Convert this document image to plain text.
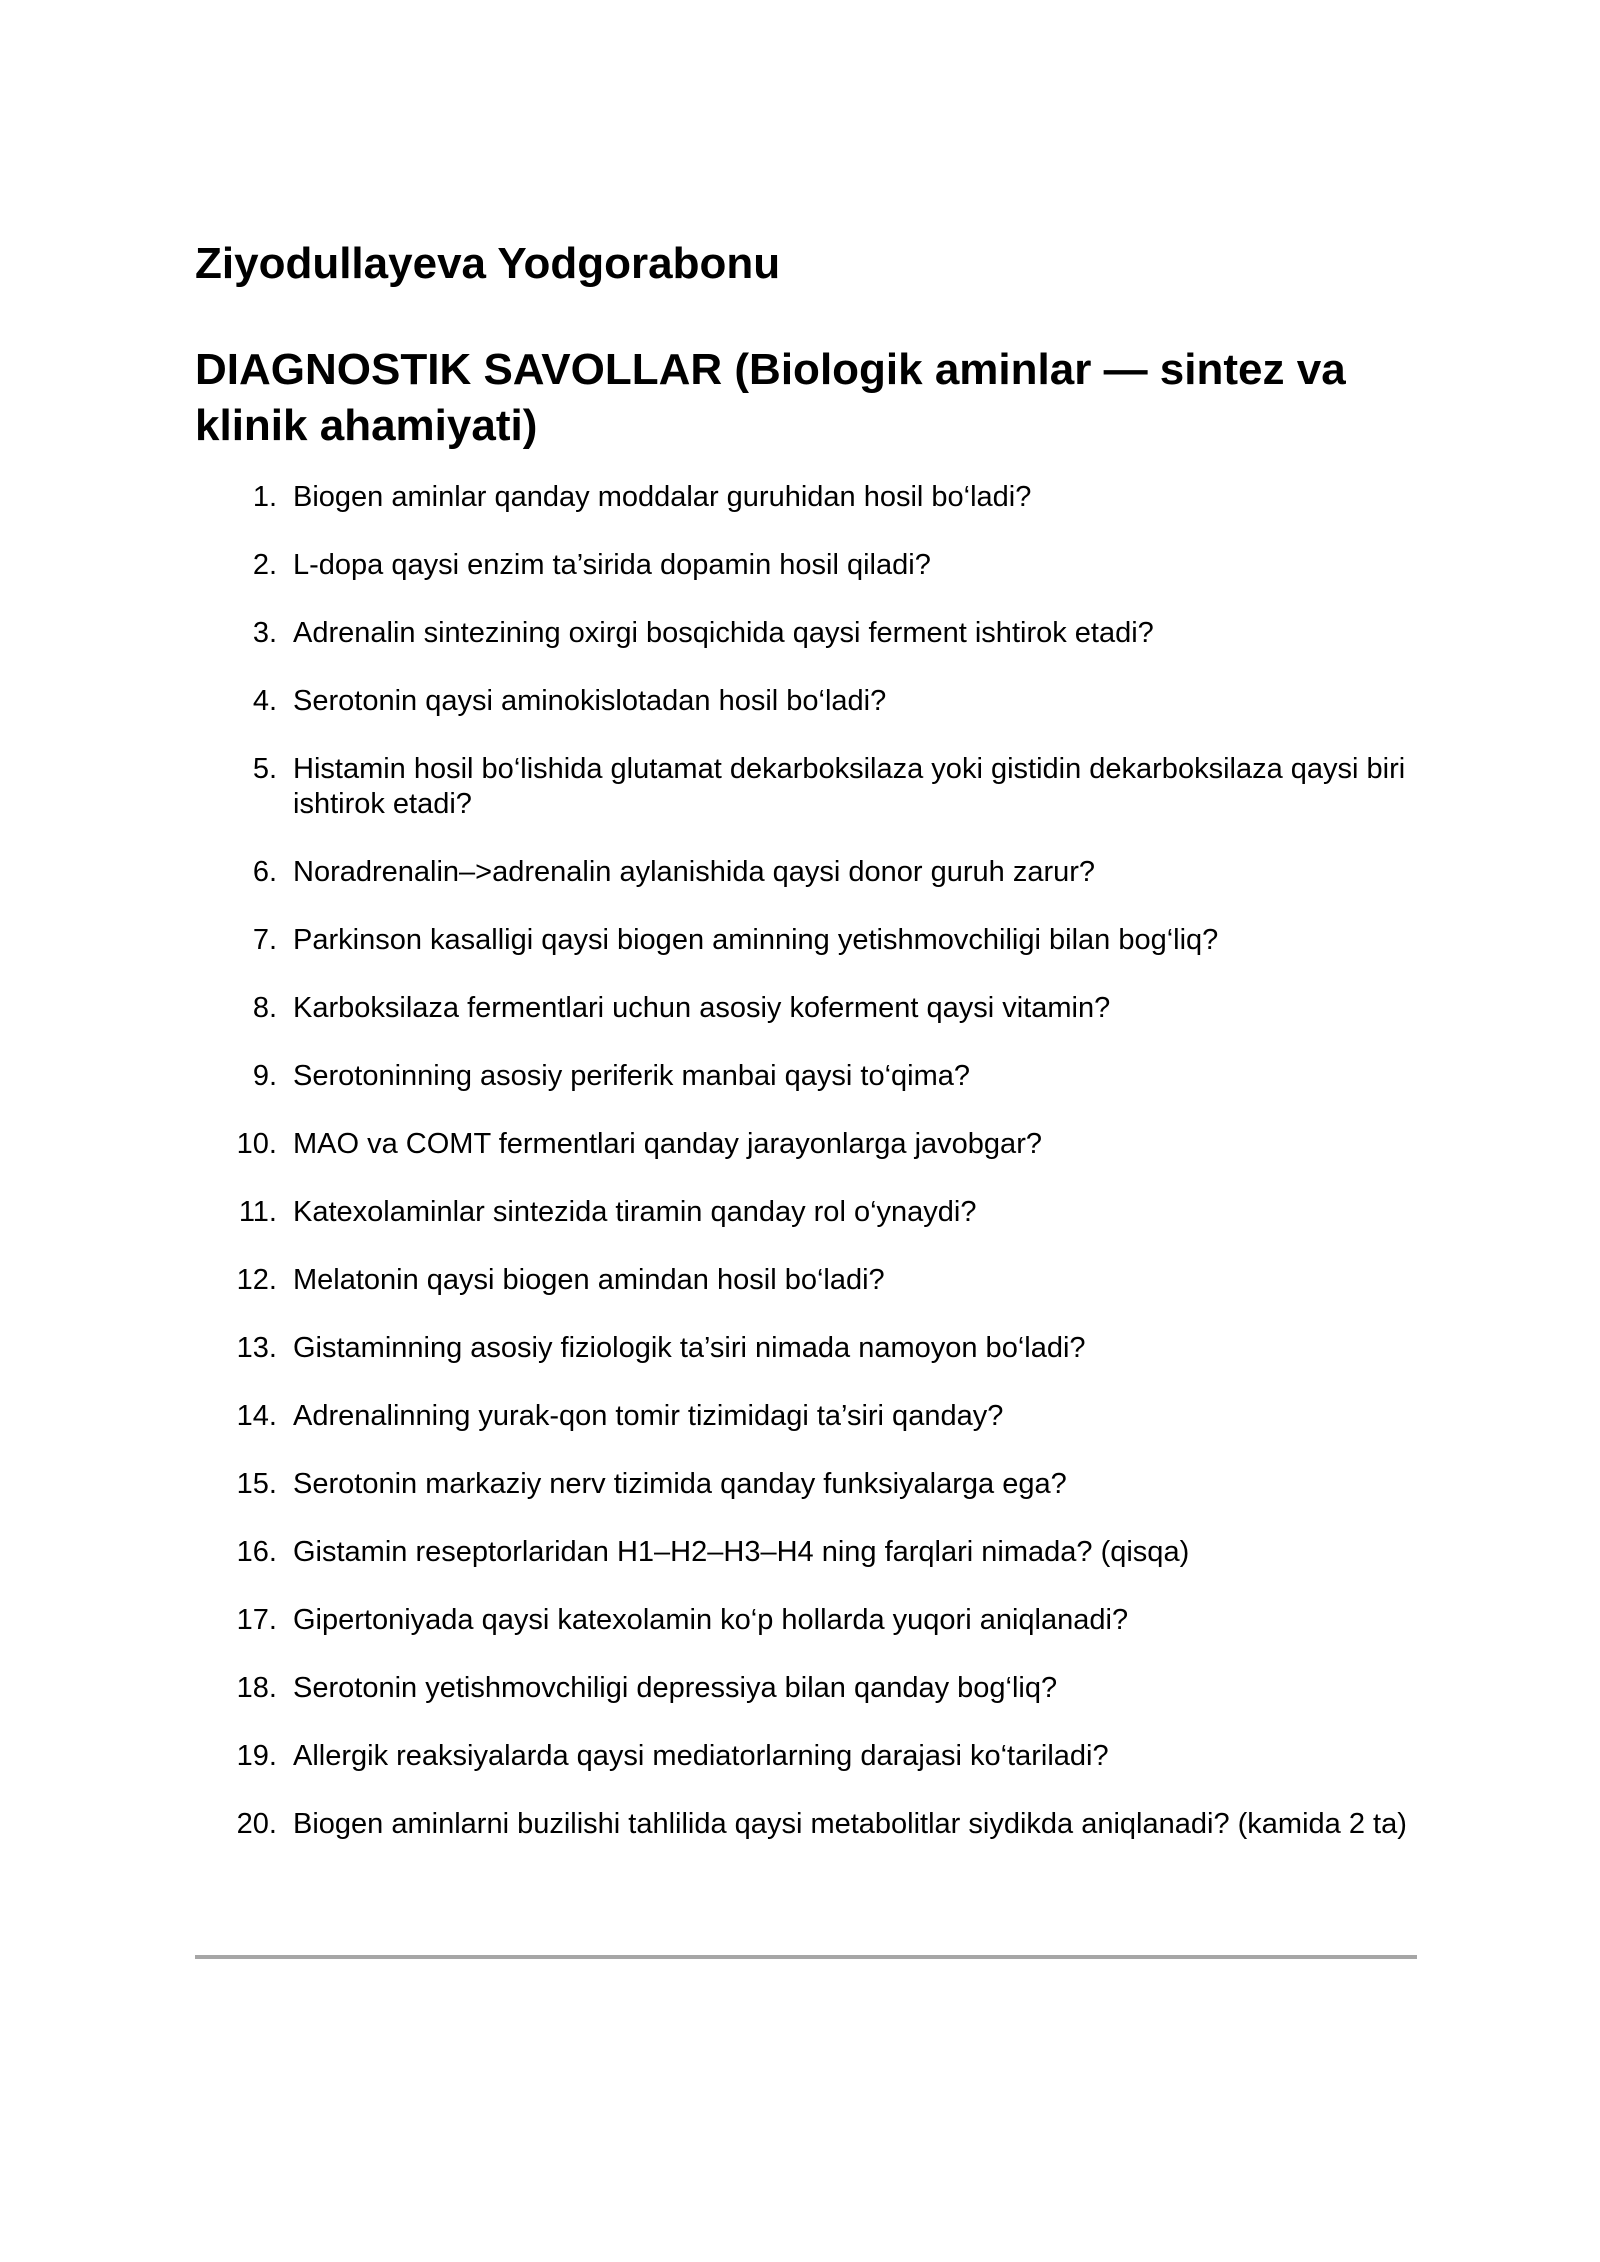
Ziyodullayeva Yodgorabonu
DIAGNOSTIK SAVOLLAR (Biologik aminlar — sintez va klinik ahamiyati)
1. Biogen aminlar qanday moddalar guruhidan hosil bo‘ladi?
2. L-dopa qaysi enzim ta’sirida dopamin hosil qiladi?
3. Adrenalin sintezining oxirgi bosqichida qaysi ferment ishtirok etadi?
4. Serotonin qaysi aminokislotadan hosil bo‘ladi?
5. Histamin hosil bo‘lishida glutamat dekarboksilaza yoki gistidin dekarboksilaza qaysi biri ishtirok etadi?
6. Noradrenalin–>adrenalin aylanishida qaysi donor guruh zarur?
7. Parkinson kasalligi qaysi biogen aminning yetishmovchiligi bilan bog‘liq?
8. Karboksilaza fermentlari uchun asosiy koferment qaysi vitamin?
9. Serotoninning asosiy periferik manbai qaysi to‘qima?
10. MAO va COMT fermentlari qanday jarayonlarga javobgar?
11. Katexolaminlar sintezida tiramin qanday rol o‘ynaydi?
12. Melatonin qaysi biogen amindan hosil bo‘ladi?
13. Gistaminning asosiy fiziologik ta’siri nimada namoyon bo‘ladi?
14. Adrenalinning yurak-qon tomir tizimidagi ta’siri qanday?
15. Serotonin markaziy nerv tizimida qanday funksiyalarga ega?
16. Gistamin reseptorlaridan H1–H2–H3–H4 ning farqlari nimada? (qisqa)
17. Gipertoniyada qaysi katexolamin ko‘p hollarda yuqori aniqlanadi?
18. Serotonin yetishmovchiligi depressiya bilan qanday bog‘liq?
19. Allergik reaksiyalarda qaysi mediatorlarning darajasi ko‘tariladi?
20. Biogen aminlarni buzilishi tahlilida qaysi metabolitlar siydikda aniqlanadi? (kamida 2 ta)
